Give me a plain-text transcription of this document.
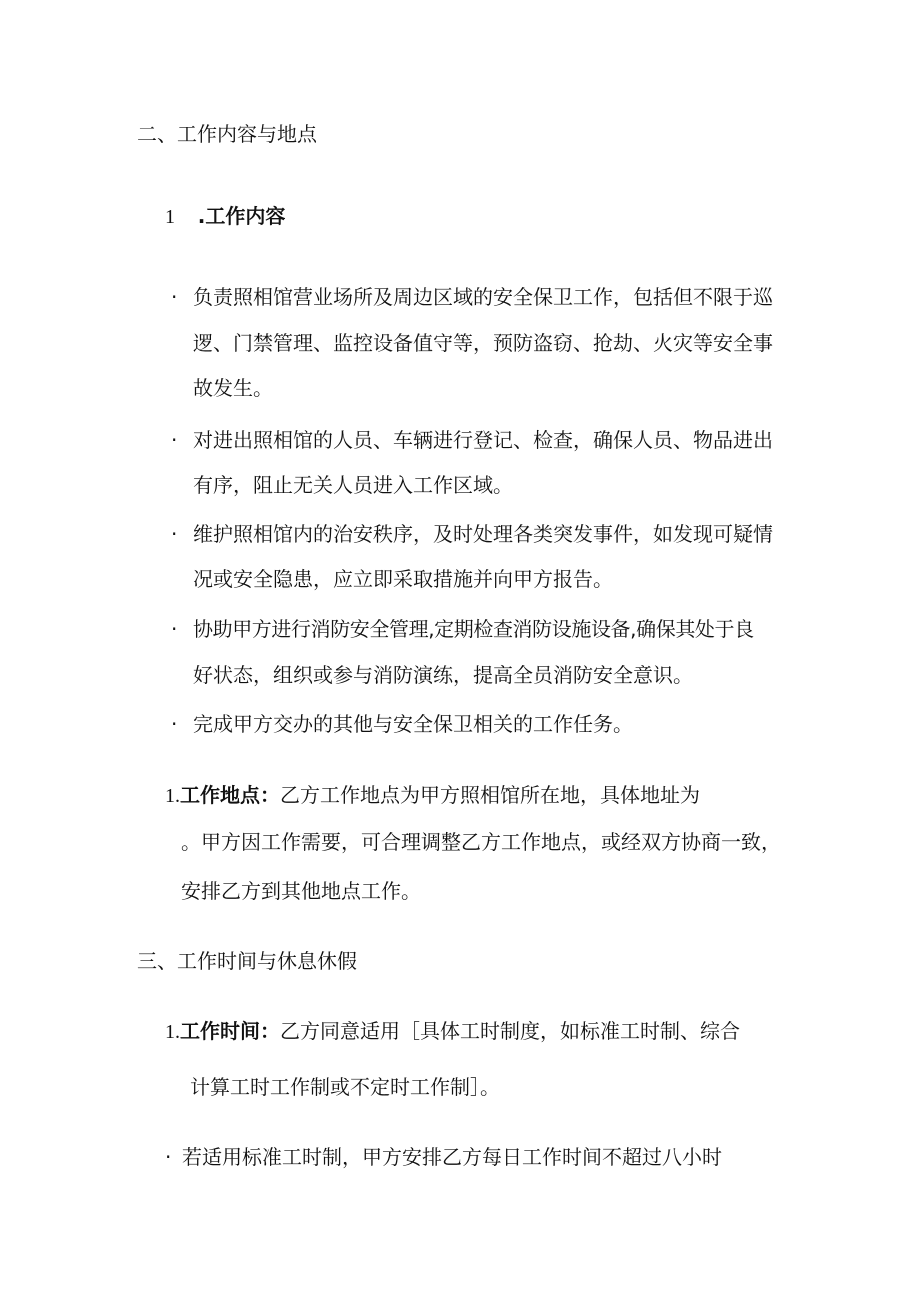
二、工作内容与地点
1 .工作内容
· 负责照相馆营业场所及周边区域的安全保卫工作，包括但不限于巡
逻、门禁管理、监控设备值守等，预防盗窃、抢劫、火灾等安全事
故发生。
· 对进出照相馆的人员、车辆进行登记、检查，确保人员、物品进出
有序，阻止无关人员进入工作区域。
· 维护照相馆内的治安秩序，及时处理各类突发事件，如发现可疑情
况或安全隐患，应立即采取措施并向甲方报告。
· 协助甲方进行消防安全管理,定期检查消防设施设备,确保其处于良
好状态，组织或参与消防演练，提高全员消防安全意识。
· 完成甲方交办的其他与安全保卫相关的工作任务。
1.工作地点：乙方工作地点为甲方照相馆所在地，具体地址为
。甲方因工作需要，可合理调整乙方工作地点，或经双方协商一致，
安排乙方到其他地点工作。
三、工作时间与休息休假
1.工作时间：乙方同意适用［具体工时制度，如标准工时制、综合
计算工时工作制或不定时工作制］。
· 若适用标准工时制，甲方安排乙方每日工作时间不超过八小时
